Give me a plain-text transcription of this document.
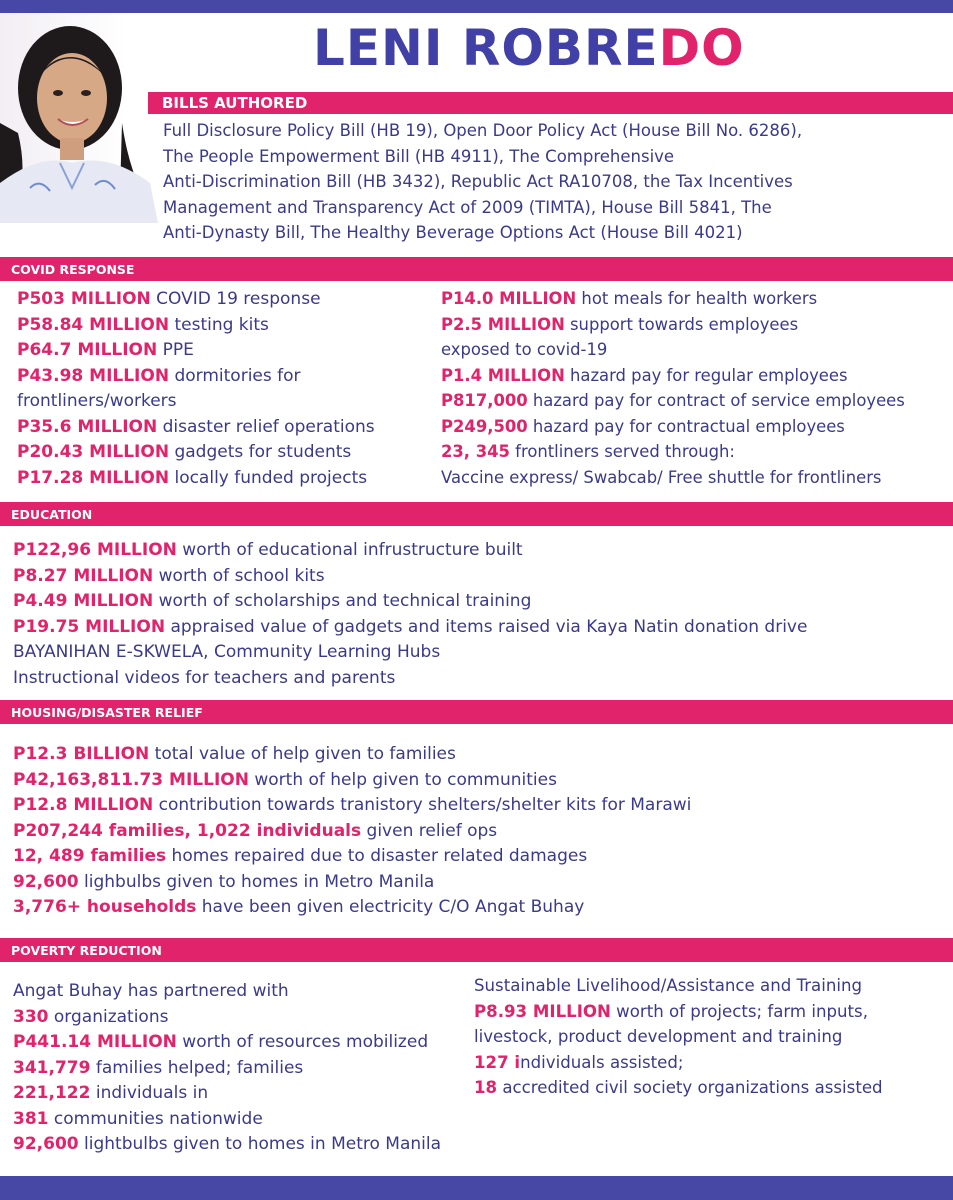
LENI ROBREDO
BILLS AUTHORED
Full Disclosure Policy Bill (HB 19), Open Door Policy Act (House Bill No. 6286),
The People Empowerment Bill (HB 4911), The Comprehensive
Anti-Discrimination Bill (HB 3432), Republic Act RA10708, the Tax Incentives
Management and Transparency Act of 2009 (TIMTA), House Bill 5841, The
Anti-Dynasty Bill, The Healthy Beverage Options Act (House Bill 4021)
COVID RESPONSE
P503 MILLION COVID 19 response
P58.84 MILLION testing kits
P64.7 MILLION PPE
P43.98 MILLION dormitories for
frontliners/workers
P35.6 MILLION disaster relief operations
P20.43 MILLION gadgets for students
P17.28 MILLION locally funded projects
P14.0 MILLION hot meals for health workers
P2.5 MILLION support towards employees
exposed to covid-19
P1.4 MILLION hazard pay for regular employees
P817,000 hazard pay for contract of service employees
P249,500 hazard pay for contractual employees
23, 345 frontliners served through:
Vaccine express/ Swabcab/ Free shuttle for frontliners
EDUCATION
P122,96 MILLION worth of educational infrustructure built
P8.27 MILLION worth of school kits
P4.49 MILLION worth of scholarships and technical training
P19.75 MILLION appraised value of gadgets and items raised via Kaya Natin donation drive
BAYANIHAN E-SKWELA, Community Learning Hubs
Instructional videos for teachers and parents
HOUSING/DISASTER RELIEF
P12.3 BILLION total value of help given to families
P42,163,811.73 MILLION worth of help given to communities
P12.8 MILLION contribution towards tranistory shelters/shelter kits for Marawi
P207,244 families, 1,022 individuals given relief ops
12, 489 families homes repaired due to disaster related damages
92,600 lighbulbs given to homes in Metro Manila
3,776+ households have been given electricity C/O Angat Buhay
POVERTY REDUCTION
Angat Buhay has partnered with
330 organizations
P441.14 MILLION worth of resources mobilized
341,779 families helped; families
221,122 individuals in
381 communities nationwide
92,600 lightbulbs given to homes in Metro Manila
Sustainable Livelihood/Assistance and Training
P8.93 MILLION worth of projects; farm inputs,
livestock, product development and training
127 individuals assisted;
18 accredited civil society organizations assisted
